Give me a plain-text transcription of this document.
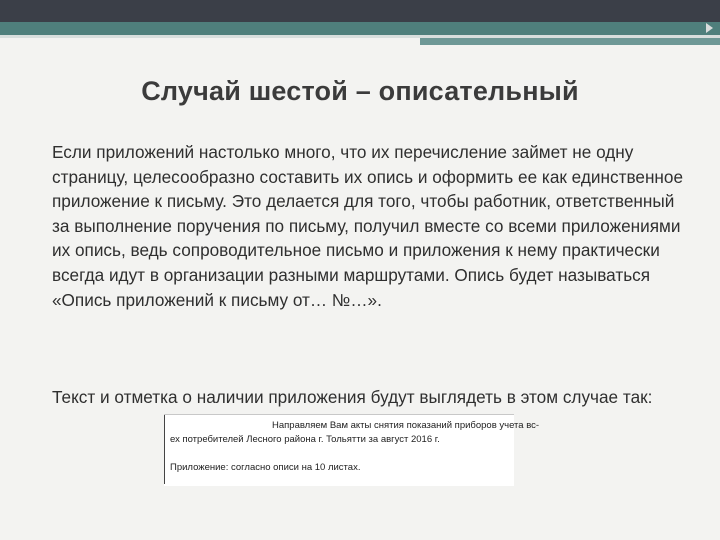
Случай шестой – описательный

Если приложений настолько много, что их перечисление займет не одну страницу, целесообразно составить их опись и оформить ее как единственное приложение к письму. Это делается для того, чтобы работник, ответственный за выполнение поручения по письму, получил вместе со всеми приложениями их опись, ведь сопроводительное письмо и приложения к нему практически всегда идут в организации разными маршрутами. Опись будет называться «Опись приложений к письму от… №…».

Текст и отметка о наличии приложения будут выглядеть в этом случае так:

Направляем Вам акты снятия показаний приборов учета вс-

ех потребителей Лесного района г. Тольятти за август 2016 г.

Приложение: согласно описи на 10 листах.
